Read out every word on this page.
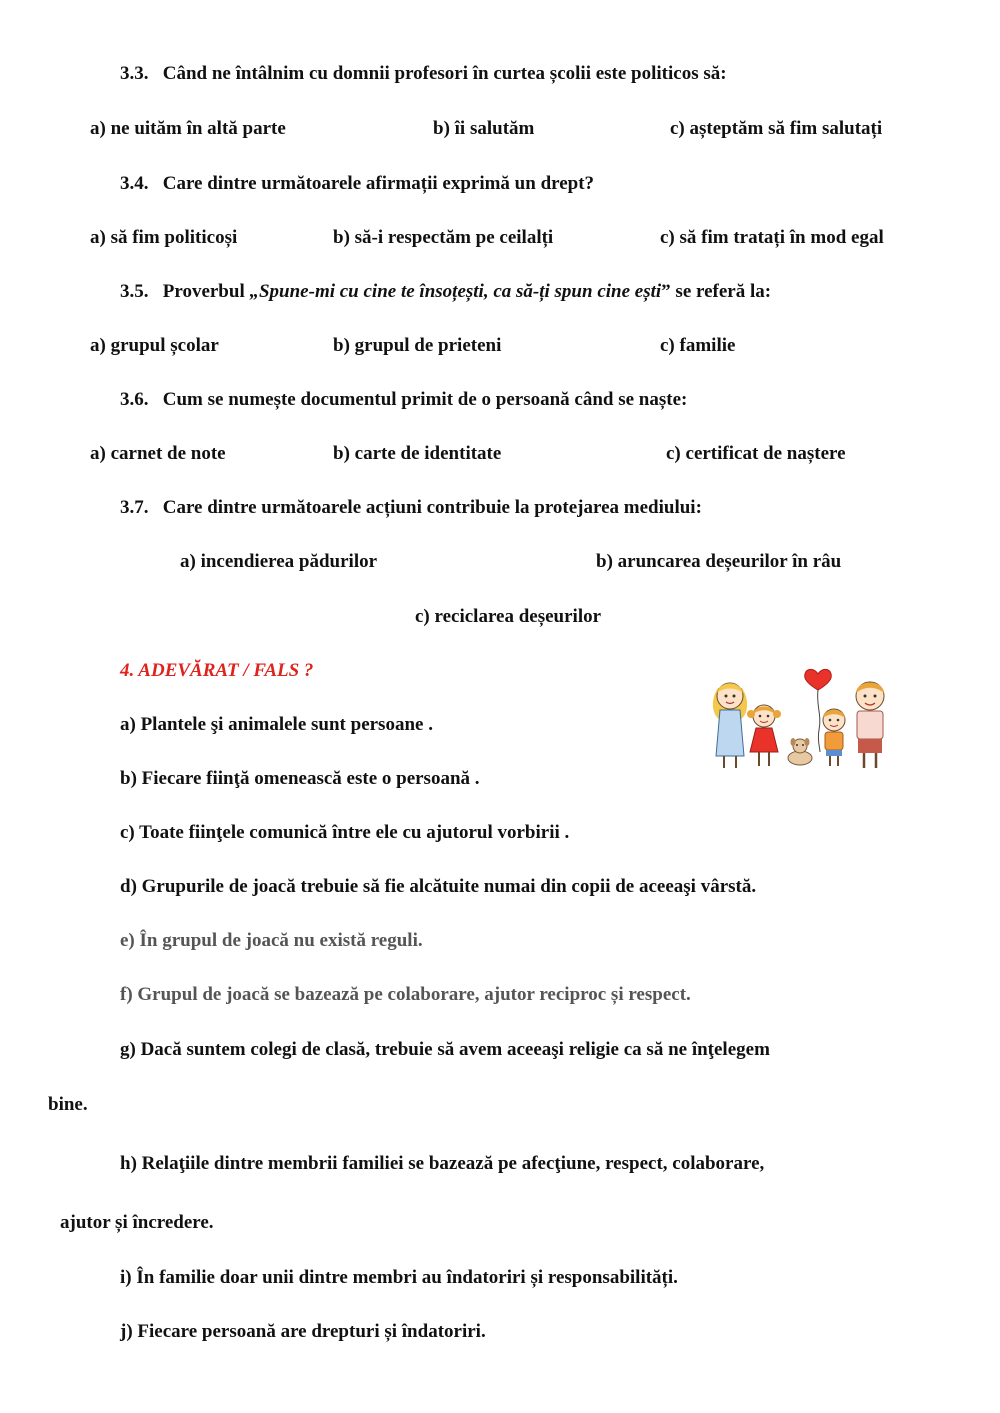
3.3. Când ne întâlnim cu domnii profesori în curtea școlii este politicos să:
a) ne uităm în altă parte	b) îi salutăm	c) așteptăm să fim salutați
3.4. Care dintre următoarele afirmații exprimă un drept?
a) să fim politicoși	b) să-i respectăm pe ceilalți	c) să fim tratați în mod egal
3.5. Proverbul „Spune-mi cu cine te însoțești, ca să-ți spun cine ești” se referă la:
a) grupul școlar	b) grupul de prieteni	c) familie
3.6. Cum se numește documentul primit de o persoană când se naște:
a) carnet de note	b) carte de identitate	c) certificat de naștere
3.7. Care dintre următoarele acțiuni contribuie la protejarea mediului:
a) incendierea pădurilor	b) aruncarea deșeurilor în râu
c) reciclarea deșeurilor
4. ADEVĂRAT / FALS ?
a) Plantele şi animalele sunt persoane .
b) Fiecare fiinţă omenească este o persoană .
c) Toate fiinţele comunică între ele cu ajutorul vorbirii .
d) Grupurile de joacă trebuie să fie alcătuite numai din copii de aceeaşi vârstă.
e) În grupul de joacă nu există reguli.
f) Grupul de joacă se bazează pe colaborare, ajutor reciproc și respect.
g) Dacă suntem colegi de clasă, trebuie să avem aceeaşi religie ca să ne înţelegem
bine.
h) Relaţiile dintre membrii familiei se bazează pe afecţiune, respect, colaborare,
ajutor și încredere.
i) În familie doar unii dintre membri au îndatoriri și responsabilități.
j) Fiecare persoană are drepturi și îndatoriri.
